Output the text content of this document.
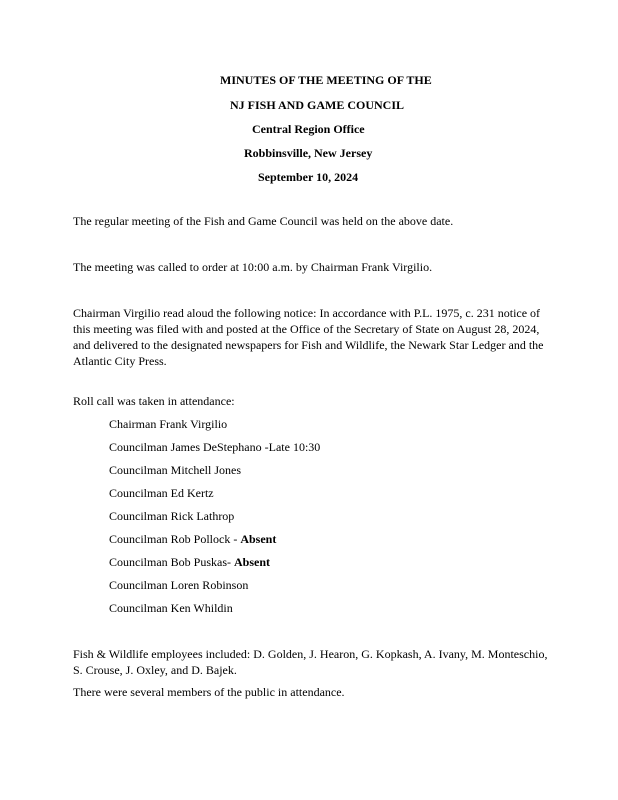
MINUTES OF THE MEETING OF THE
NJ FISH AND GAME COUNCIL
Central Region Office
Robbinsville, New Jersey
September 10, 2024
The regular meeting of the Fish and Game Council was held on the above date.
The meeting was called to order at 10:00 a.m. by Chairman Frank Virgilio.
Chairman Virgilio read aloud the following notice: In accordance with P.L. 1975, c. 231 notice of
this meeting was filed with and posted at the Office of the Secretary of State on August 28, 2024,
and delivered to the designated newspapers for Fish and Wildlife, the Newark Star Ledger and the
Atlantic City Press.
Roll call was taken in attendance:
Chairman Frank Virgilio
Councilman James DeStephano -Late 10:30
Councilman Mitchell Jones
Councilman Ed Kertz
Councilman Rick Lathrop
Councilman Rob Pollock - Absent
Councilman Bob Puskas- Absent
Councilman Loren Robinson
Councilman Ken Whildin
Fish & Wildlife employees included: D. Golden, J. Hearon, G. Kopkash, A. Ivany, M. Monteschio,
S. Crouse, J. Oxley, and D. Bajek.
There were several members of the public in attendance.
